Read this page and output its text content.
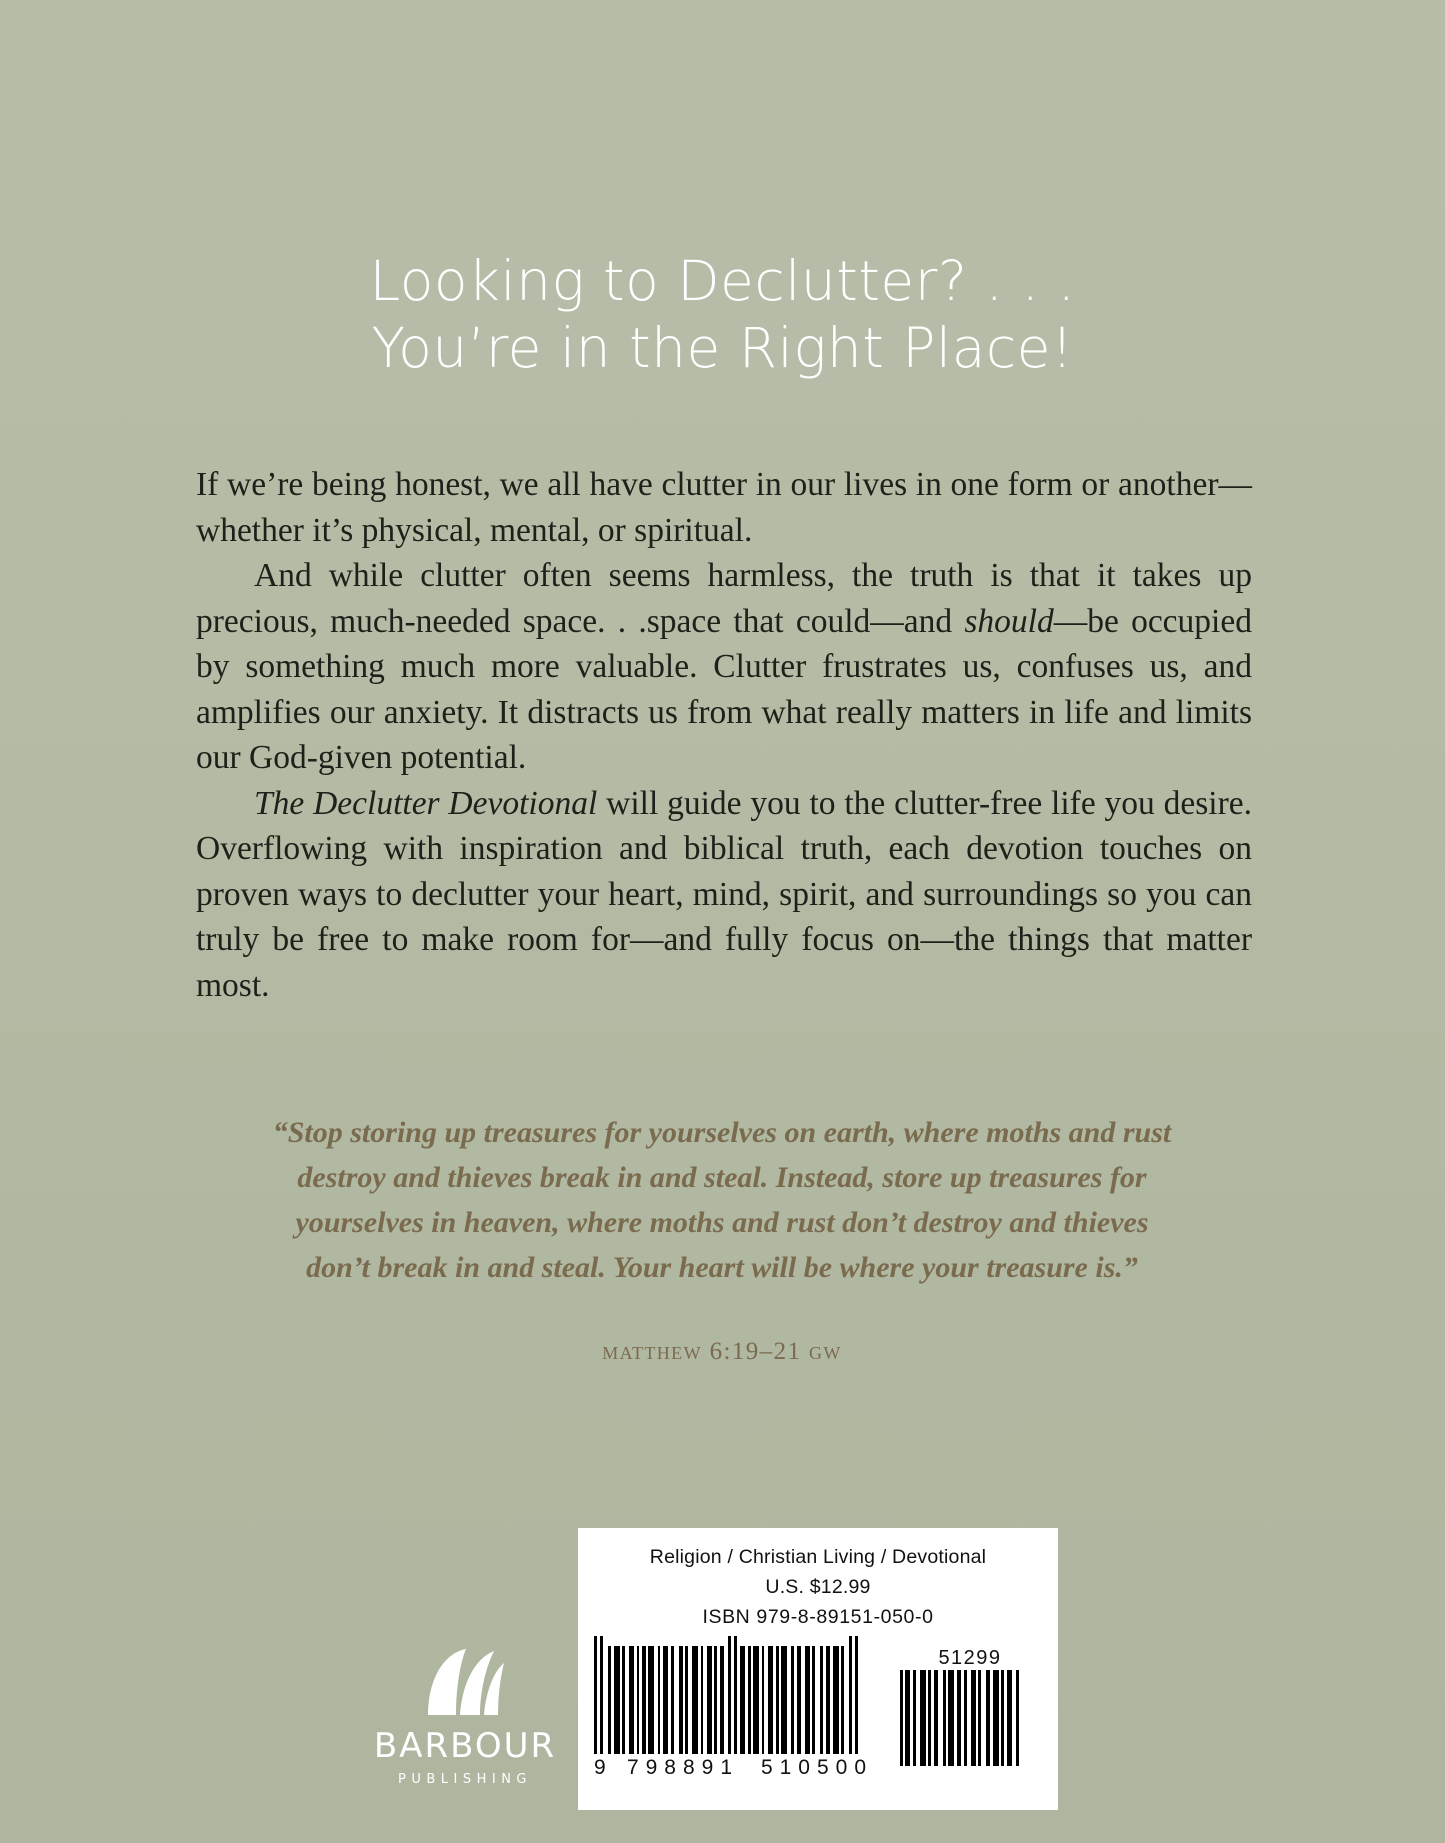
Looking to Declutter? . . .
You’re in the Right Place!

If we’re being honest, we all have clutter in our lives in one form or another—whether it’s physical, mental, or spiritual.

And while clutter often seems harmless, the truth is that it takes up precious, much-needed space. . .space that could—and should—be occupied by something much more valuable. Clutter frustrates us, confuses us, and amplifies our anxiety. It distracts us from what really matters in life and limits our God-given potential.

The Declutter Devotional will guide you to the clutter-free life you desire. Overflowing with inspiration and biblical truth, each devotion touches on proven ways to declutter your heart, mind, spirit, and surroundings so you can truly be free to make room for—and fully focus on—the things that matter most.

“Stop storing up treasures for yourselves on earth, where moths and rust destroy and thieves break in and steal. Instead, store up treasures for yourselves in heaven, where moths and rust don’t destroy and thieves don’t break in and steal. Your heart will be where your treasure is.”
matthew 6:19–21 gw
Religion / Christian Living / Devotional
U.S. $12.99
ISBN 979-8-89151-050-0
9 798891	510500
51299
BARBOUR
PUBLISHING
